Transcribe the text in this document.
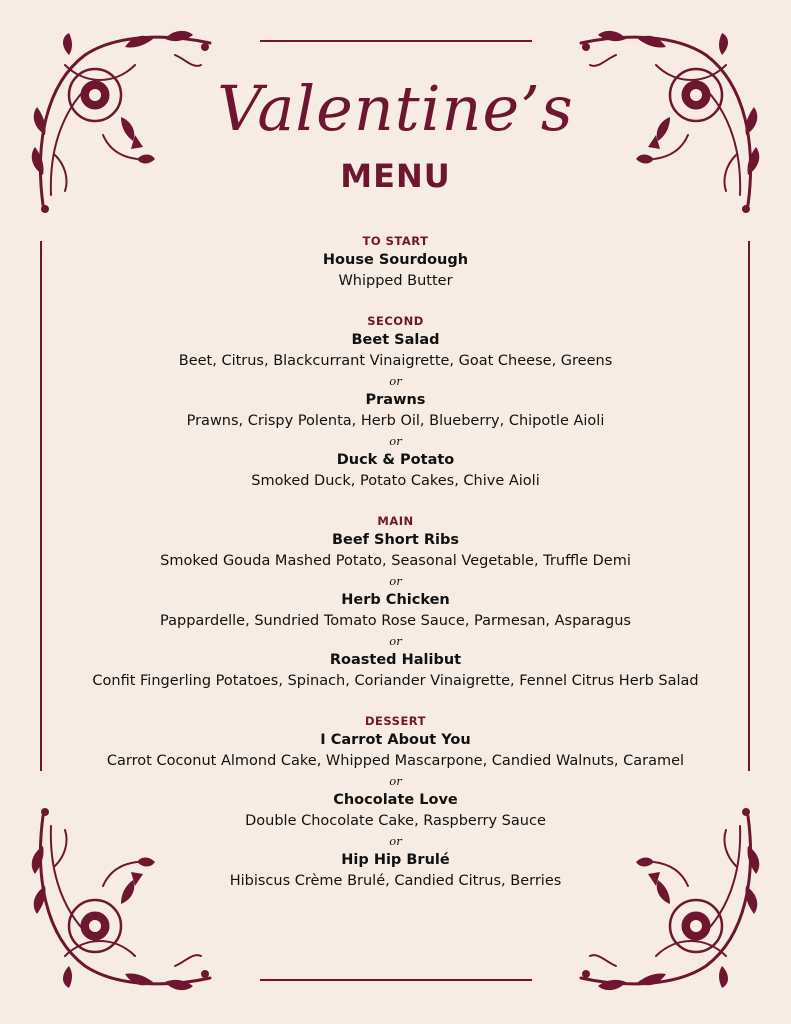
Valentine’s
MENU
TO START
House Sourdough
Whipped Butter
SECOND
Beet Salad
Beet, Citrus, Blackcurrant Vinaigrette, Goat Cheese, Greens
or
Prawns
Prawns, Crispy Polenta, Herb Oil, Blueberry, Chipotle Aioli
or
Duck & Potato
Smoked Duck, Potato Cakes, Chive Aioli
MAIN
Beef Short Ribs
Smoked Gouda Mashed Potato, Seasonal Vegetable, Truffle Demi
or
Herb Chicken
Pappardelle, Sundried Tomato Rose Sauce, Parmesan, Asparagus
or
Roasted Halibut
Confit Fingerling Potatoes, Spinach, Coriander Vinaigrette, Fennel Citrus Herb Salad
DESSERT
I Carrot About You
Carrot Coconut Almond Cake, Whipped Mascarpone, Candied Walnuts, Caramel
or
Chocolate Love
Double Chocolate Cake, Raspberry Sauce
or
Hip Hip Brulé
Hibiscus Crème Brulé, Candied Citrus, Berries
